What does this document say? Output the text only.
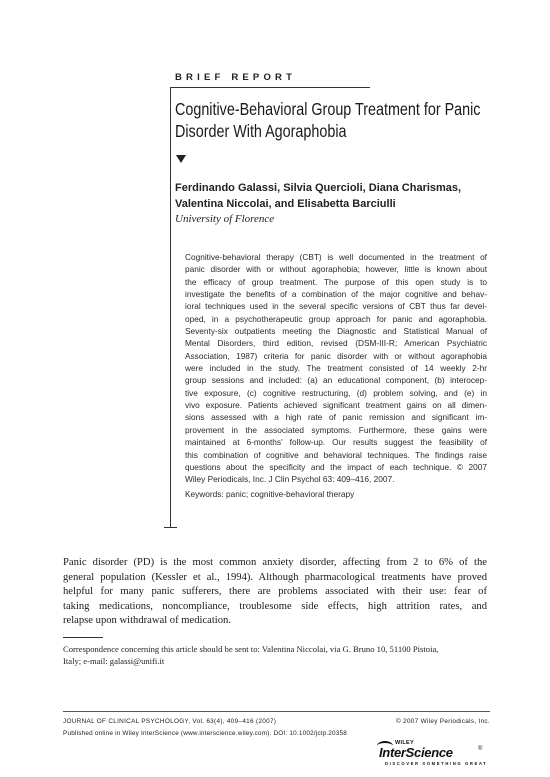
BRIEF REPORT
Cognitive-Behavioral Group Treatment for Panic
Disorder With Agoraphobia
Ferdinando Galassi, Silvia Quercioli, Diana Charismas,
Valentina Niccolai, and Elisabetta Barciulli
University of Florence
Cognitive-behavioral therapy (CBT) is well documented in the treatment of
panic disorder with or without agoraphobia; however, little is known about
the efficacy of group treatment. The purpose of this open study is to
investigate the benefits of a combination of the major cognitive and behav-
ioral techniques used in the several specific versions of CBT thus far devel-
oped, in a psychotherapeutic group approach for panic and agoraphobia.
Seventy-six outpatients meeting the Diagnostic and Statistical Manual of
Mental Disorders, third edition, revised (DSM-III-R; American Psychiatric
Association, 1987) criteria for panic disorder with or without agoraphobia
were included in the study. The treatment consisted of 14 weekly 2-hr
group sessions and included: (a) an educational component, (b) interocep-
tive exposure, (c) cognitive restructuring, (d) problem solving, and (e) in
vivo exposure. Patients achieved significant treatment gains on all dimen-
sions assessed with a high rate of panic remission and significant im-
provement in the associated symptoms. Furthermore, these gains were
maintained at 6-months' follow-up. Our results suggest the feasibility of
this combination of cognitive and behavioral techniques. The findings raise
questions about the specificity and the impact of each technique. © 2007
Wiley Periodicals, Inc. J Clin Psychol 63: 409–416, 2007.
Keywords: panic; cognitive-behavioral therapy
Panic disorder (PD) is the most common anxiety disorder, affecting from 2 to 6% of the
general population (Kessler et al., 1994). Although pharmacological treatments have proved
helpful for many panic sufferers, there are problems associated with their use: fear of
taking medications, noncompliance, troublesome side effects, high attrition rates, and
relapse upon withdrawal of medication.
Correspondence concerning this article should be sent to: Valentina Niccolai, via G. Bruno 10, 51100 Pistoia,
Italy; e-mail: galassi@unifi.it
JOURNAL OF CLINICAL PSYCHOLOGY, Vol. 63(4), 409–416 (2007)	© 2007 Wiley Periodicals, Inc.
Published online in Wiley InterScience (www.interscience.wiley.com). DOI: 10.1002/jclp.20358
WILEY
InterScience	®
DISCOVER SOMETHING GREAT
